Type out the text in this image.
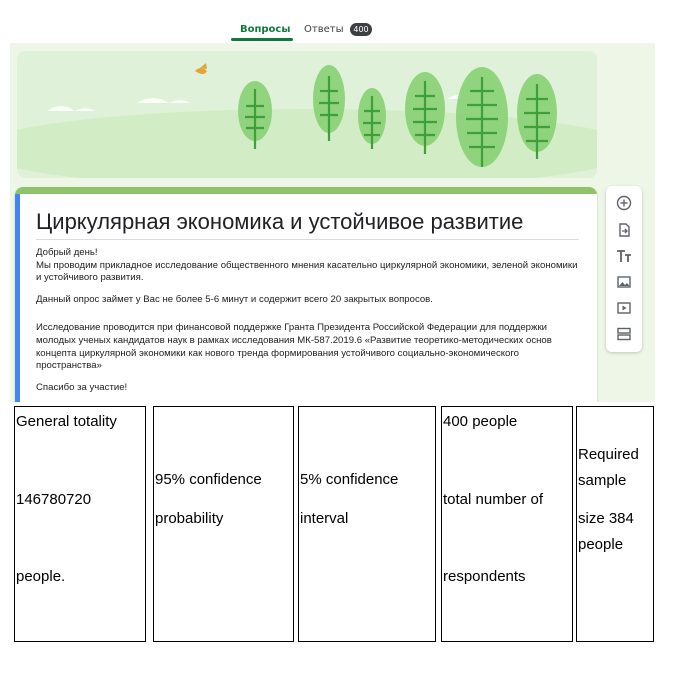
Вопросы Ответы	400
Циркулярная экономика и устойчивое развитие

Добрый день!
Мы проводим прикладное исследование общественного мнения касательно циркулярной экономики, зеленой экономики и устойчивого развития.

Данный опрос займет у Вас не более 5-6 минут и содержит всего 20 закрытых вопросов.

Исследование проводится при финансовой поддержке Гранта Президента Российской Федерации для поддержки молодых ученых кандидатов наук в рамках исследования МК-587.2019.6 «Развитие теоретико-методических основ концепта циркулярной экономики как нового тренда формирования устойчивого социально-экономического пространства»

Спасибо за участие!

General totality
146780720
people.
95% confidence
probability
5% confidence
interval
400 people
total number of
respondents
Required
sample
size 384
people
